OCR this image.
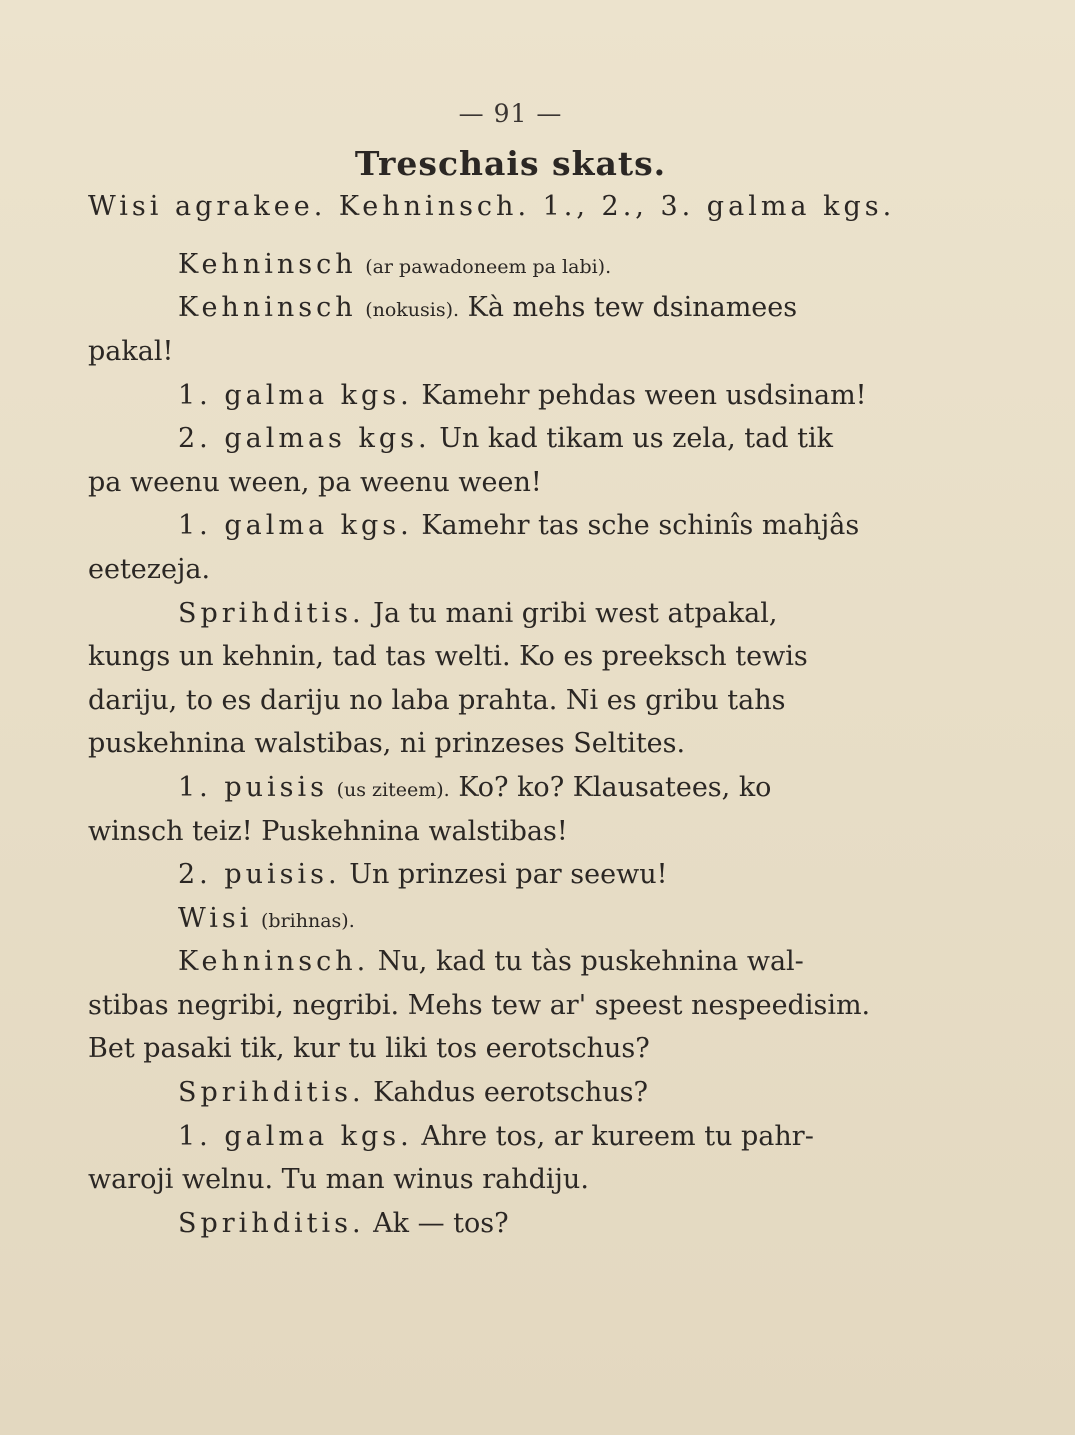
— 91 —
Treschais skats.
Wisi agrakee. Kehninsch. 1., 2., 3. galma kgs.
Kehninsch (ar pawadoneem pa labi).
Kehninsch (nokusis). Kà mehs tew dsinamees
pakal!
1. galma kgs. Kamehr pehdas ween usdsinam!
2. galmas kgs. Un kad tikam us zela, tad tik
pa weenu ween, pa weenu ween!
1. galma kgs. Kamehr tas sche schinîs mahjâs
eetezeja.
Sprihditis. Ja tu mani gribi west atpakal,
kungs un kehnin, tad tas welti. Ko es preeksch tewis
dariju, to es dariju no laba prahta. Ni es gribu tahs
puskehnina walstibas, ni prinzeses Seltites.
1. puisis (us ziteem). Ko? ko? Klausatees, ko
winsch teiz! Puskehnina walstibas!
2. puisis. Un prinzesi par seewu!
Wisi (brihnas).
Kehninsch. Nu, kad tu tàs puskehnina wal-
stibas negribi, negribi. Mehs tew ar' speest nespeedisim.
Bet pasaki tik, kur tu liki tos eerotschus?
Sprihditis. Kahdus eerotschus?
1. galma kgs. Ahre tos, ar kureem tu pahr-
waroji welnu. Tu man winus rahdiju.
Sprihditis. Ak — tos?
